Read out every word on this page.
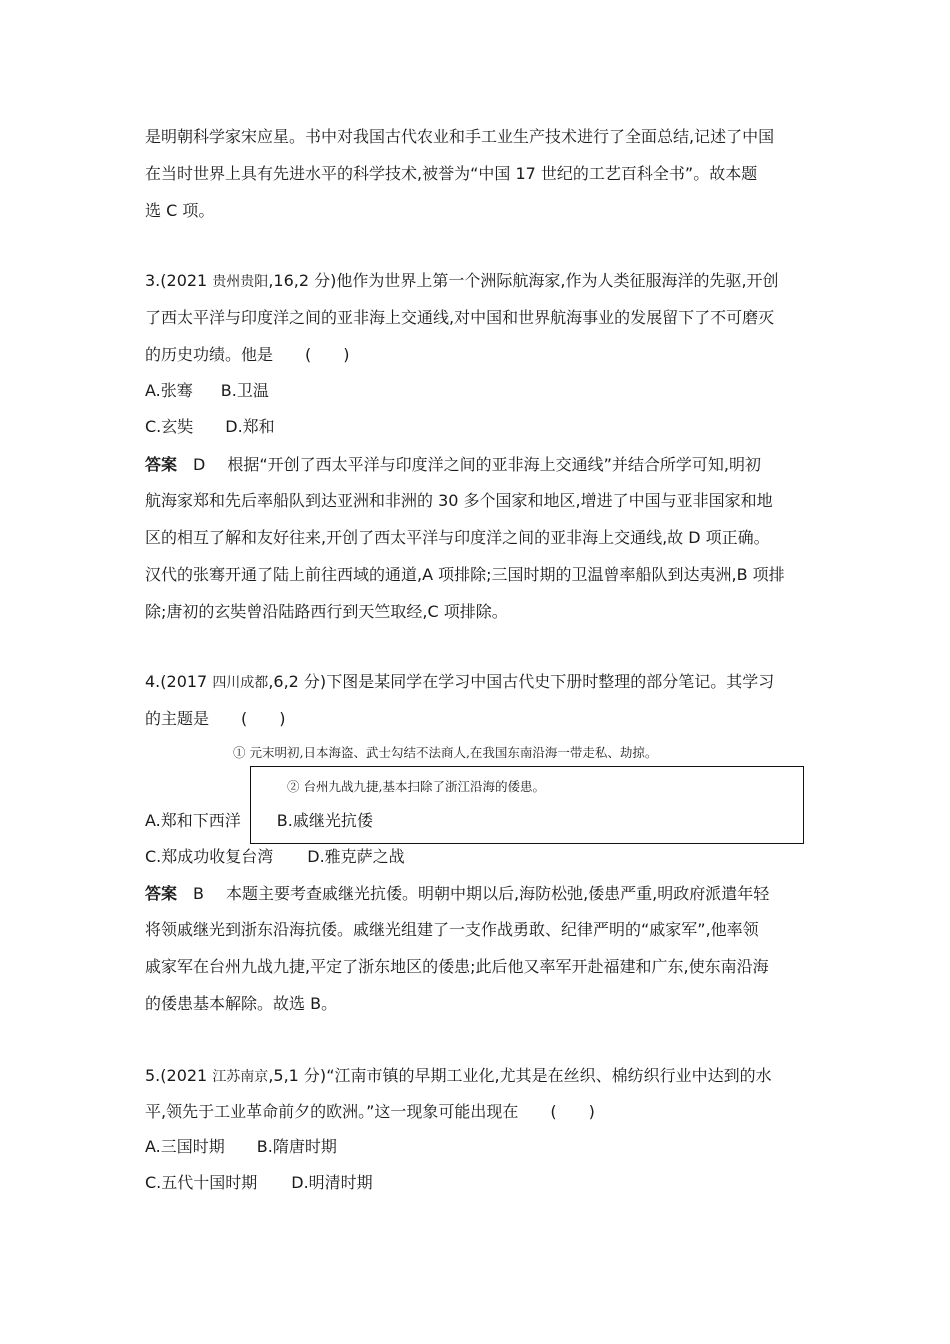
是明朝科学家宋应星。书中对我国古代农业和手工业生产技术进行了全面总结,记述了中国
在当时世界上具有先进水平的科学技术,被誉为“中国 17 世纪的工艺百科全书”。故本题
选 C 项。
3.(2021 贵州贵阳,16,2 分)他作为世界上第一个洲际航海家,作为人类征服海洋的先驱,开创
了西太平洋与印度洋之间的亚非海上交通线,对中国和世界航海事业的发展留下了不可磨灭
的历史功绩。他是　　(　　)
A.张骞 B.卫温
C.玄奘 D.郑和
答案 D 根据“开创了西太平洋与印度洋之间的亚非海上交通线”并结合所学可知,明初
航海家郑和先后率船队到达亚洲和非洲的 30 多个国家和地区,增进了中国与亚非国家和地
区的相互了解和友好往来,开创了西太平洋与印度洋之间的亚非海上交通线,故 D 项正确。
汉代的张骞开通了陆上前往西域的通道,A 项排除;三国时期的卫温曾率船队到达夷洲,B 项排
除;唐初的玄奘曾沿陆路西行到天竺取经,C 项排除。
4.(2017 四川成都,6,2 分)下图是某同学在学习中国古代史下册时整理的部分笔记。其学习
的主题是　　(　　)
① 元末明初,日本海盗、武士勾结不法商人,在我国东南沿海一带走私、劫掠。
② 台州九战九捷,基本扫除了浙江沿海的倭患。
A.郑和下西洋 B.戚继光抗倭
C.郑成功收复台湾 D.雅克萨之战
答案 B 本题主要考查戚继光抗倭。明朝中期以后,海防松弛,倭患严重,明政府派遣年轻
将领戚继光到浙东沿海抗倭。戚继光组建了一支作战勇敢、纪律严明的“戚家军”,他率领
戚家军在台州九战九捷,平定了浙东地区的倭患;此后他又率军开赴福建和广东,使东南沿海
的倭患基本解除。故选 B。
5.(2021 江苏南京,5,1 分)“江南市镇的早期工业化,尤其是在丝织、棉纺织行业中达到的水
平,领先于工业革命前夕的欧洲。”这一现象可能出现在　　(　　)
A.三国时期 B.隋唐时期
C.五代十国时期 D.明清时期
